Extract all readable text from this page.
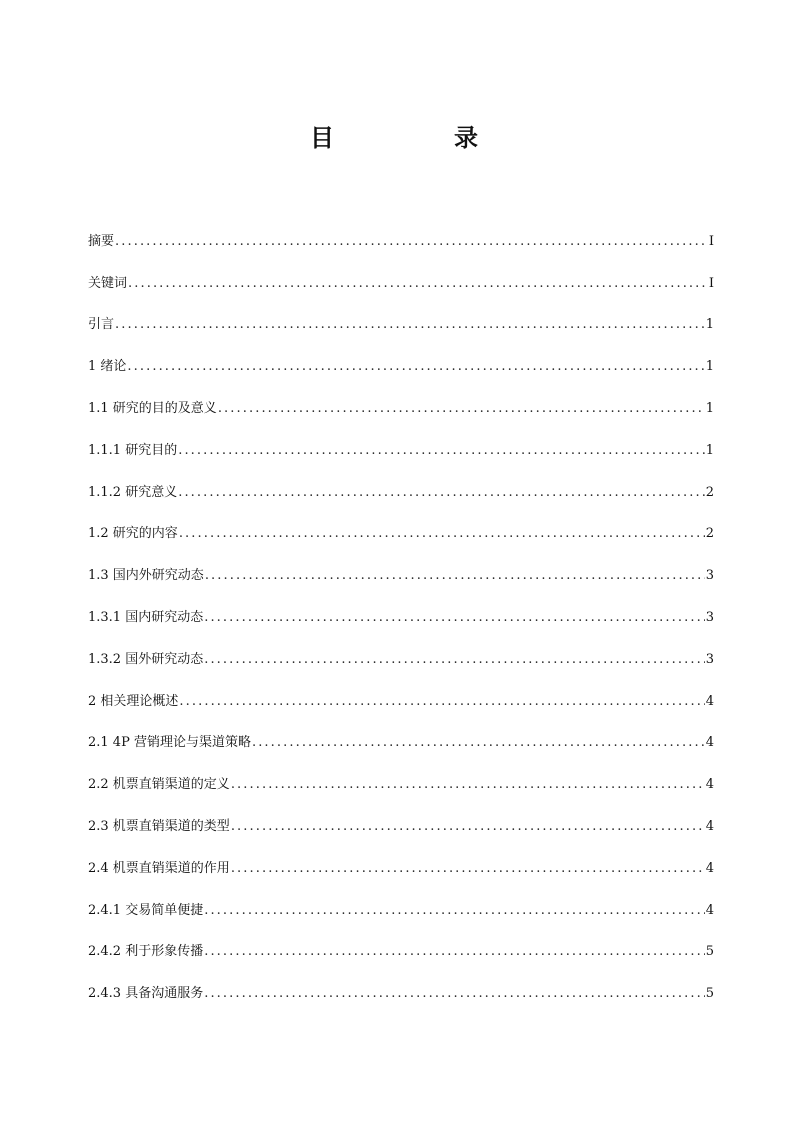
目　录
摘要 .....	I
关键词 .....	I
引言 .....	1
1 绪论 .....	1
1.1 研究的目的及意义 .....	1
1.1.1 研究目的 .....	1
1.1.2 研究意义 .....	2
1.2 研究的内容 .....	2
1.3 国内外研究动态 .....	3
1.3.1 国内研究动态 .....	3
1.3.2 国外研究动态 .....	3
2 相关理论概述 .....	4
2.1 4P 营销理论与渠道策略 .....	4
2.2 机票直销渠道的定义 .....	4
2.3 机票直销渠道的类型 .....	4
2.4 机票直销渠道的作用 .....	4
2.4.1 交易简单便捷 .....	4
2.4.2 利于形象传播 .....	5
2.4.3 具备沟通服务 .....	5
